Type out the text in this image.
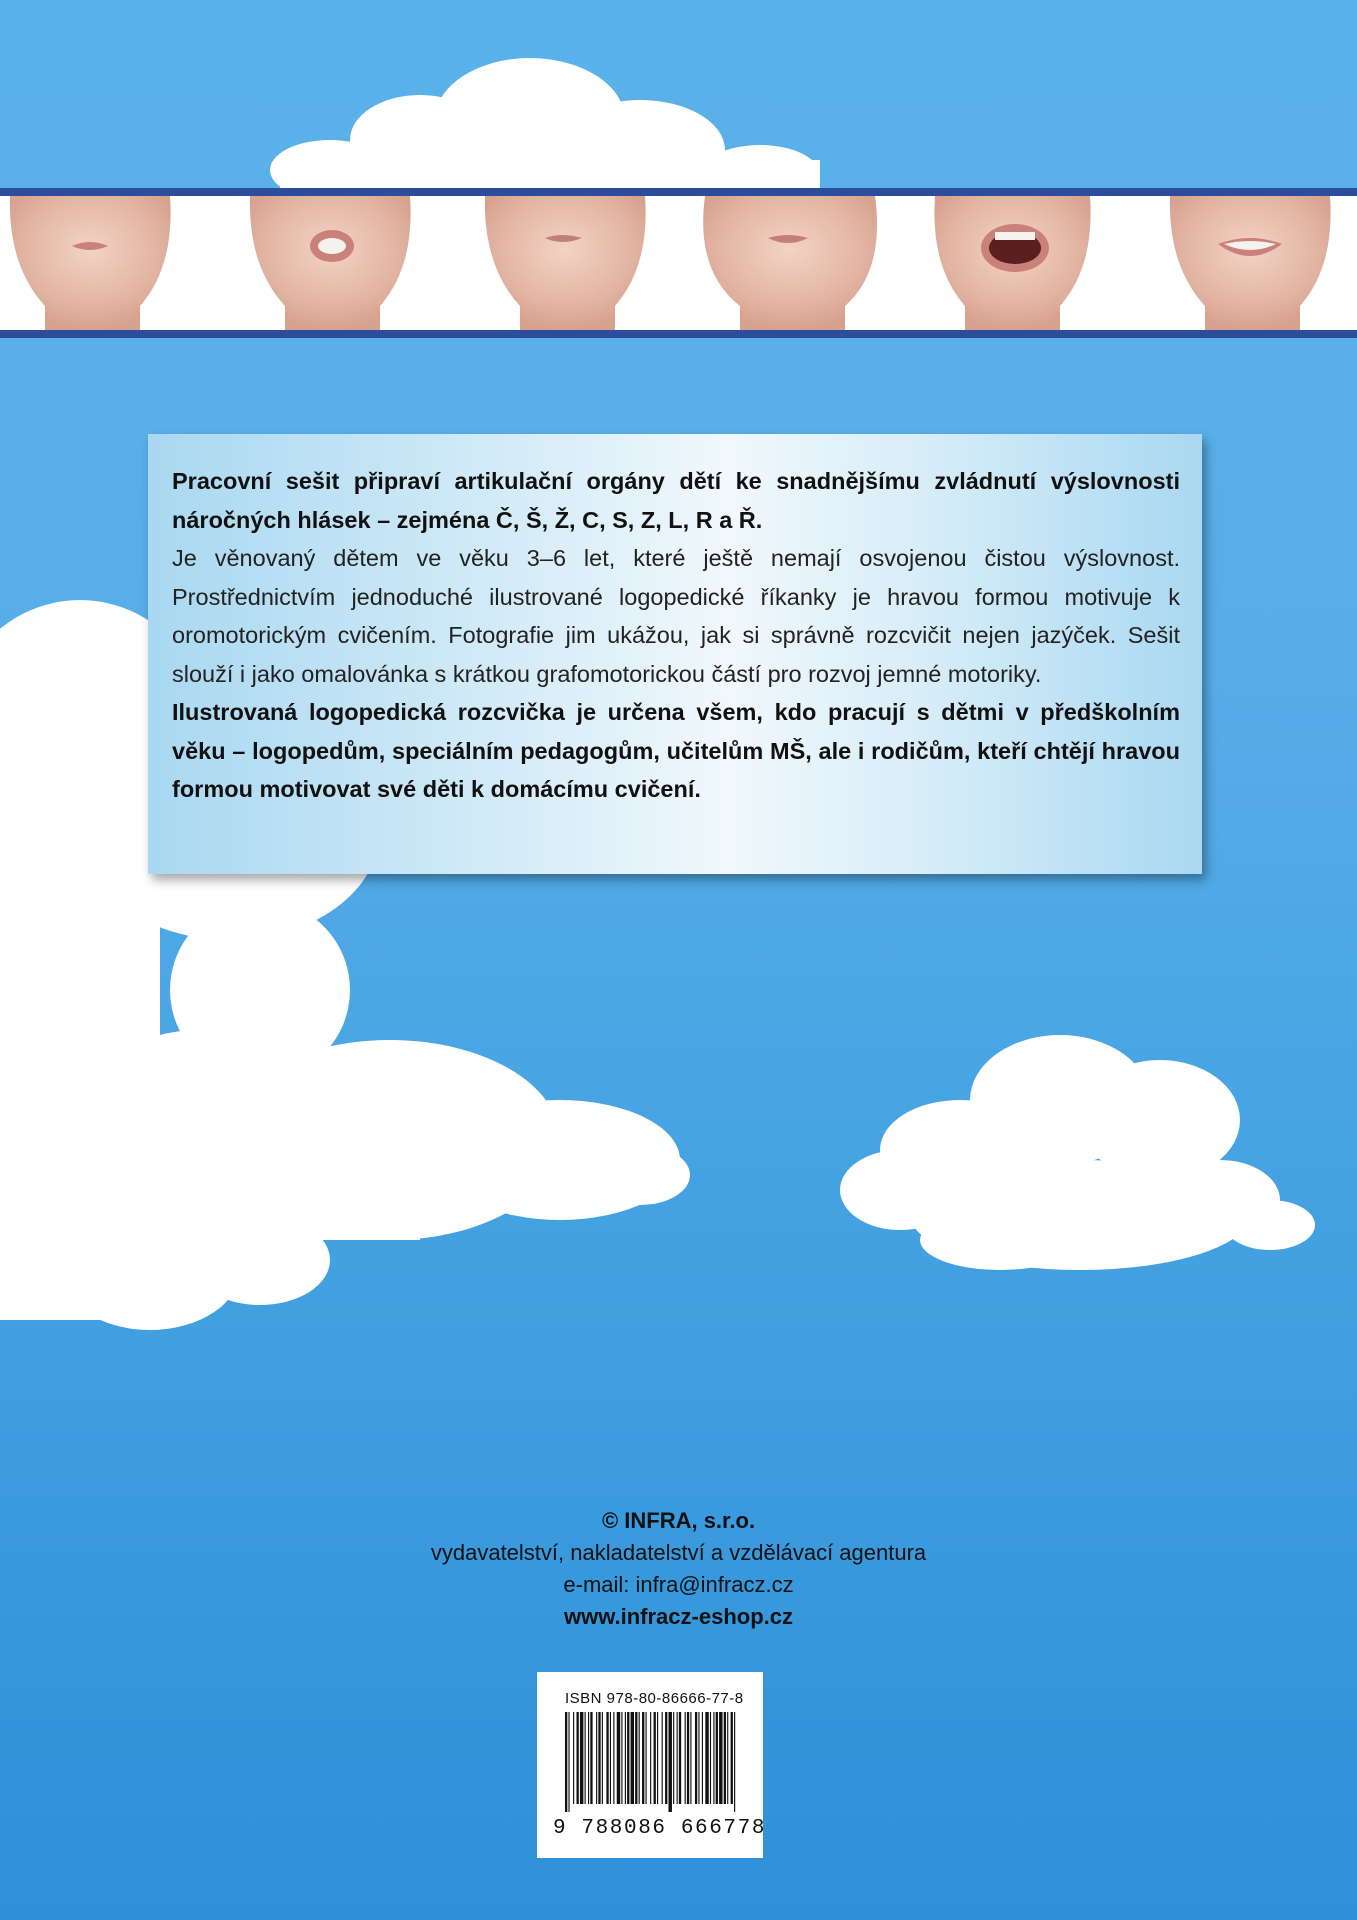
Pracovní sešit připraví artikulační orgány dětí ke snadnějšímu zvládnutí výslovnosti náročných hlásek – zejména Č, Š, Ž, C, S, Z, L, R a Ř.

Je věnovaný dětem ve věku 3–6 let, které ještě nemají osvojenou čistou výslovnost. Prostřednictvím jednoduché ilustrované logopedické říkanky je hravou formou motivuje k oromotorickým cvičením. Fotografie jim ukážou, jak si správně rozcvičit nejen jazýček. Sešit slouží i jako omalovánka s krátkou grafomotorickou částí pro rozvoj jemné motoriky.

Ilustrovaná logopedická rozcvička je určena všem, kdo pracují s dětmi v předškolním věku – logopedům, speciálním pedagogům, učitelům MŠ, ale i rodičům, kteří chtějí hravou formou motivovat své děti k domácímu cvičení.

© INFRA, s.r.o.
vydavatelství, nakladatelství a vzdělávací agentura
e-mail: infra@infracz.cz
www.infracz-eshop.cz
ISBN 978-80-86666-77-8
9 788086 666778
